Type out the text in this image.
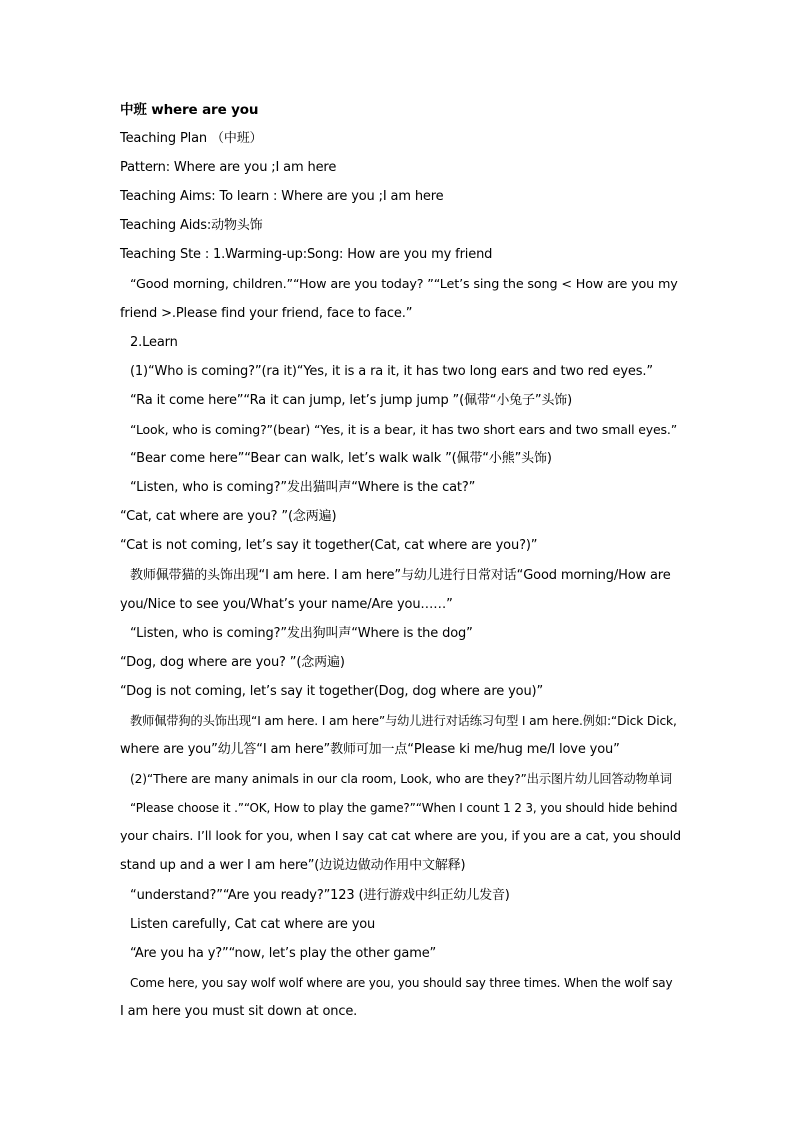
中班 where are you
Teaching Plan （中班）
Pattern: Where are you ;I am here
Teaching Aims: To learn : Where are you ;I am here
Teaching Aids:动物头饰
Teaching Ste : 1.Warming-up:Song: How are you my friend
“Good morning, children.”“How are you today? ”“Let’s sing the song < How are you my
friend >.Please find your friend, face to face.”
2.Learn
(1)“Who is coming?”(ra it)“Yes, it is a ra it, it has two long ears and two red eyes.”
“Ra it come here”“Ra it can jump, let’s jump jump ”(佩带“小兔子”头饰)
“Look, who is coming?”(bear) “Yes, it is a bear, it has two short ears and two small eyes.”
“Bear come here”“Bear can walk, let’s walk walk ”(佩带“小熊”头饰)
“Listen, who is coming?”发出猫叫声“Where is the cat?”
“Cat, cat where are you? ”(念两遍)
“Cat is not coming, let’s say it together(Cat, cat where are you?)”
教师佩带猫的头饰出现“I am here. I am here”与幼儿进行日常对话“Good morning/How are
you/Nice to see you/What’s your name/Are you……”
“Listen, who is coming?”发出狗叫声“Where is the dog”
“Dog, dog where are you? ”(念两遍)
“Dog is not coming, let’s say it together(Dog, dog where are you)”
教师佩带狗的头饰出现“I am here. I am here”与幼儿进行对话练习句型 I am here.例如:“Dick Dick,
where are you”幼儿答“I am here”教师可加一点“Please ki me/hug me/I love you”
(2)“There are many animals in our cla room, Look, who are they?”出示图片幼儿回答动物单词
“Please choose it .”“OK, How to play the game?”“When I count 1 2 3, you should hide behind
your chairs. I’ll look for you, when I say cat cat where are you, if you are a cat, you should
stand up and a wer I am here”(边说边做动作用中文解释)
“understand?”“Are you ready?”123 (进行游戏中纠正幼儿发音)
Listen carefully, Cat cat where are you
“Are you ha y?”“now, let’s play the other game”
Come here, you say wolf wolf where are you, you should say three times. When the wolf say
I am here you must sit down at once.
